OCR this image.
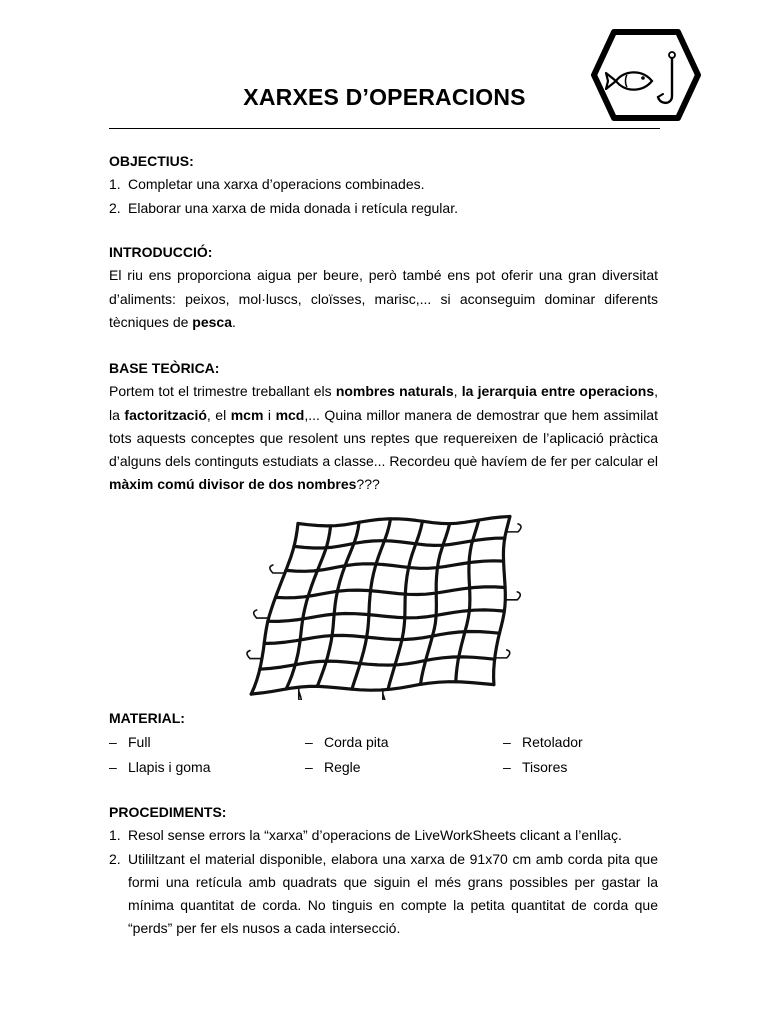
XARXES D’OPERACIONS
OBJECTIUS:
1. Completar una xarxa d’operacions combinades.
2. Elaborar una xarxa de mida donada i retícula regular.
INTRODUCCIÓ:
El riu ens proporciona aigua per beure, però també ens pot oferir una gran diversitat d’aliments: peixos, mol·luscs, cloïsses, marisc,... si aconseguim dominar diferents tècniques de pesca.
BASE TEÒRICA:
Portem tot el trimestre treballant els nombres naturals, la jerarquia entre operacions, la factorització, el mcm i mcd,... Quina millor manera de demostrar que hem assimilat tots aquests conceptes que resolent uns reptes que requereixen de l’aplicació pràctica d’alguns dels continguts estudiats a classe... Recordeu què havíem de fer per calcular el màxim comú divisor de dos nombres???
MATERIAL:
– Full	– Corda pita	– Retolador
– Llapis i goma	– Regle	– Tisores
PROCEDIMENTS:
1. Resol sense errors la “xarxa” d’operacions de LiveWorkSheets clicant a l’enllaç.
2. Utililtzant el material disponible, elabora una xarxa de 91x70 cm amb corda pita que formi una retícula amb quadrats que siguin el més grans possibles per gastar la mínima quantitat de corda. No tinguis en compte la petita quantitat de corda que “perds” per fer els nusos a cada intersecció.
